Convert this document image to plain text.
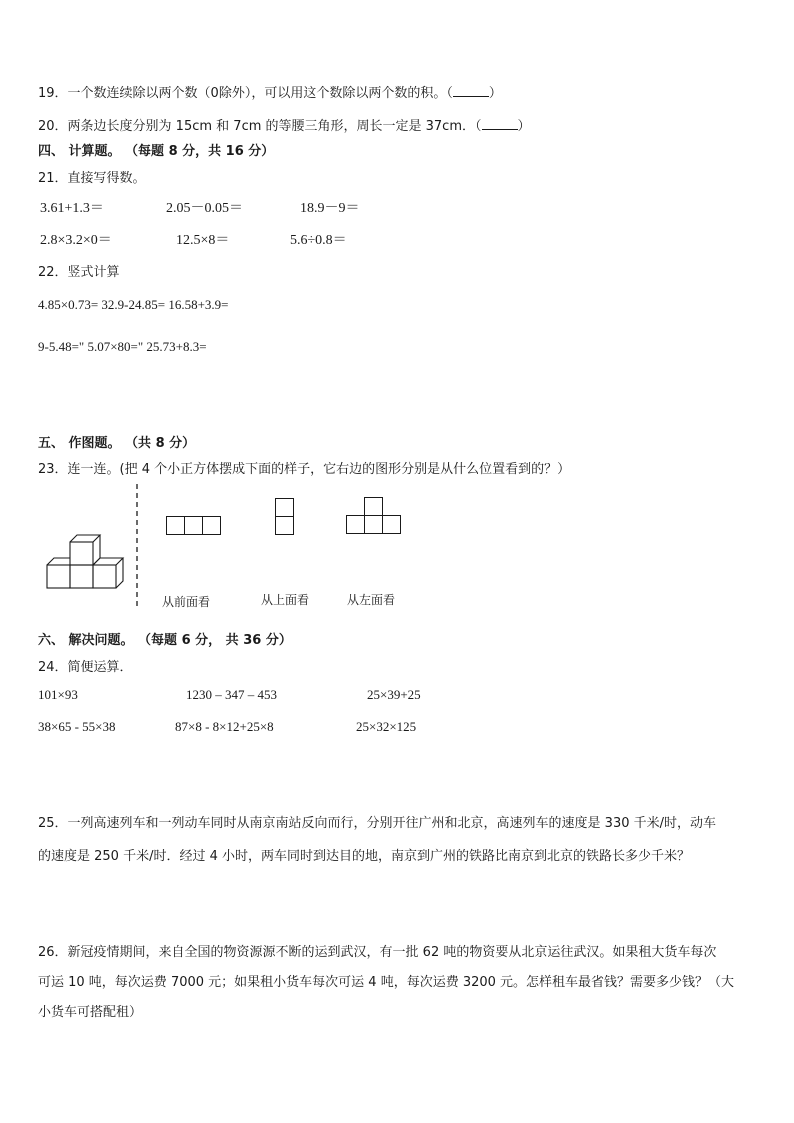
19．一个数连续除以两个数（0除外），可以用这个数除以两个数的积。（	）
20．两条边长度分别为 15cm 和 7cm 的等腰三角形，周长一定是 37cm．（	）
四、 计算题。 （每题 8 分，共 16 分）
21．直接写得数。
3.61+1.3＝	2.05－0.05＝	18.9－9＝
2.8×3.2×0＝	12.5×8＝	5.6÷0.8＝
22．竖式计算
4.85×0.73= 32.9-24.85= 16.58+3.9=
9-5.48=" 5.07×80=" 25.73+8.3=
五、 作图题。 （共 8 分）
23．连一连。(把 4 个小正方体摆成下面的样子，它右边的图形分别是从什么位置看到的？）
从前面看	从上面看	从左面看
六、 解决问题。 （每题 6 分， 共 36 分）
24．简便运算．
101×93	1230 – 347 – 453	25×39+25
38×65 - 55×38	87×8 - 8×12+25×8	25×32×125
25．一列高速列车和一列动车同时从南京南站反向而行，分别开往广州和北京，高速列车的速度是 330 千米/时，动车
的速度是 250 千米/时．经过 4 小时，两车同时到达目的地，南京到广州的铁路比南京到北京的铁路长多少千米？
26．新冠疫情期间，来自全国的物资源源不断的运到武汉，有一批 62 吨的物资要从北京运往武汉。如果租大货车每次
可运 10 吨，每次运费 7000 元；如果租小货车每次可运 4 吨，每次运费 3200 元。怎样租车最省钱？需要多少钱？（大
小货车可搭配租）
